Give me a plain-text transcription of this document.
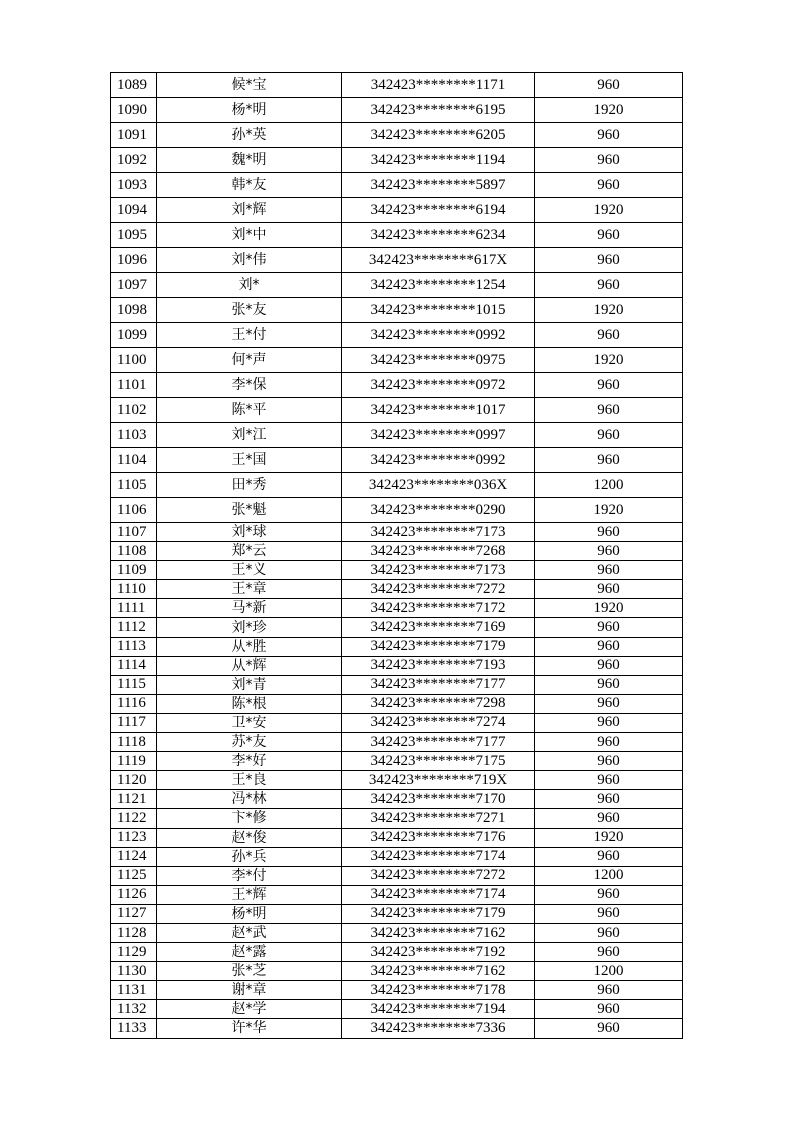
1089	候*宝	342423********1171	960
1090	杨*明	342423********6195	1920
1091	孙*英	342423********6205	960
1092	魏*明	342423********1194	960
1093	韩*友	342423********5897	960
1094	刘*辉	342423********6194	1920
1095	刘*中	342423********6234	960
1096	刘*伟	342423********617X	960
1097	刘*	342423********1254	960
1098	张*友	342423********1015	1920
1099	王*付	342423********0992	960
1100	何*声	342423********0975	1920
1101	李*保	342423********0972	960
1102	陈*平	342423********1017	960
1103	刘*江	342423********0997	960
1104	王*国	342423********0992	960
1105	田*秀	342423********036X	1200
1106	张*魁	342423********0290	1920
1107	刘*球	342423********7173	960
1108	郑*云	342423********7268	960
1109	王*义	342423********7173	960
1110	王*章	342423********7272	960
1111	马*新	342423********7172	1920
1112	刘*珍	342423********7169	960
1113	从*胜	342423********7179	960
1114	从*辉	342423********7193	960
1115	刘*青	342423********7177	960
1116	陈*根	342423********7298	960
1117	卫*安	342423********7274	960
1118	苏*友	342423********7177	960
1119	李*好	342423********7175	960
1120	王*良	342423********719X	960
1121	冯*林	342423********7170	960
1122	卞*修	342423********7271	960
1123	赵*俊	342423********7176	1920
1124	孙*兵	342423********7174	960
1125	李*付	342423********7272	1200
1126	王*辉	342423********7174	960
1127	杨*明	342423********7179	960
1128	赵*武	342423********7162	960
1129	赵*露	342423********7192	960
1130	张*芝	342423********7162	1200
1131	谢*章	342423********7178	960
1132	赵*学	342423********7194	960
1133	许*华	342423********7336	960
